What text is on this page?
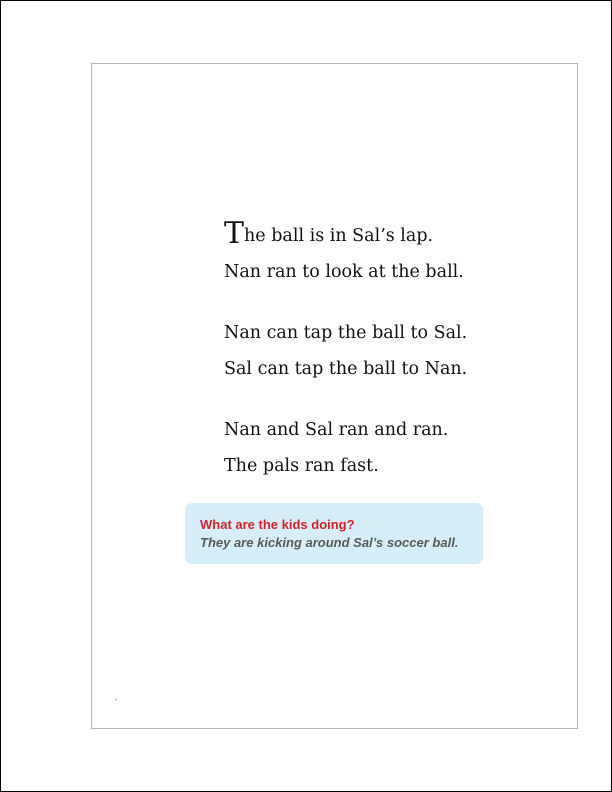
The ball is in Sal’s lap.
Nan ran to look at the ball.
Nan can tap the ball to Sal.
Sal can tap the ball to Nan.
Nan and Sal ran and ran.
The pals ran fast.
What are the kids doing?
They are kicking around Sal’s soccer ball.
`
